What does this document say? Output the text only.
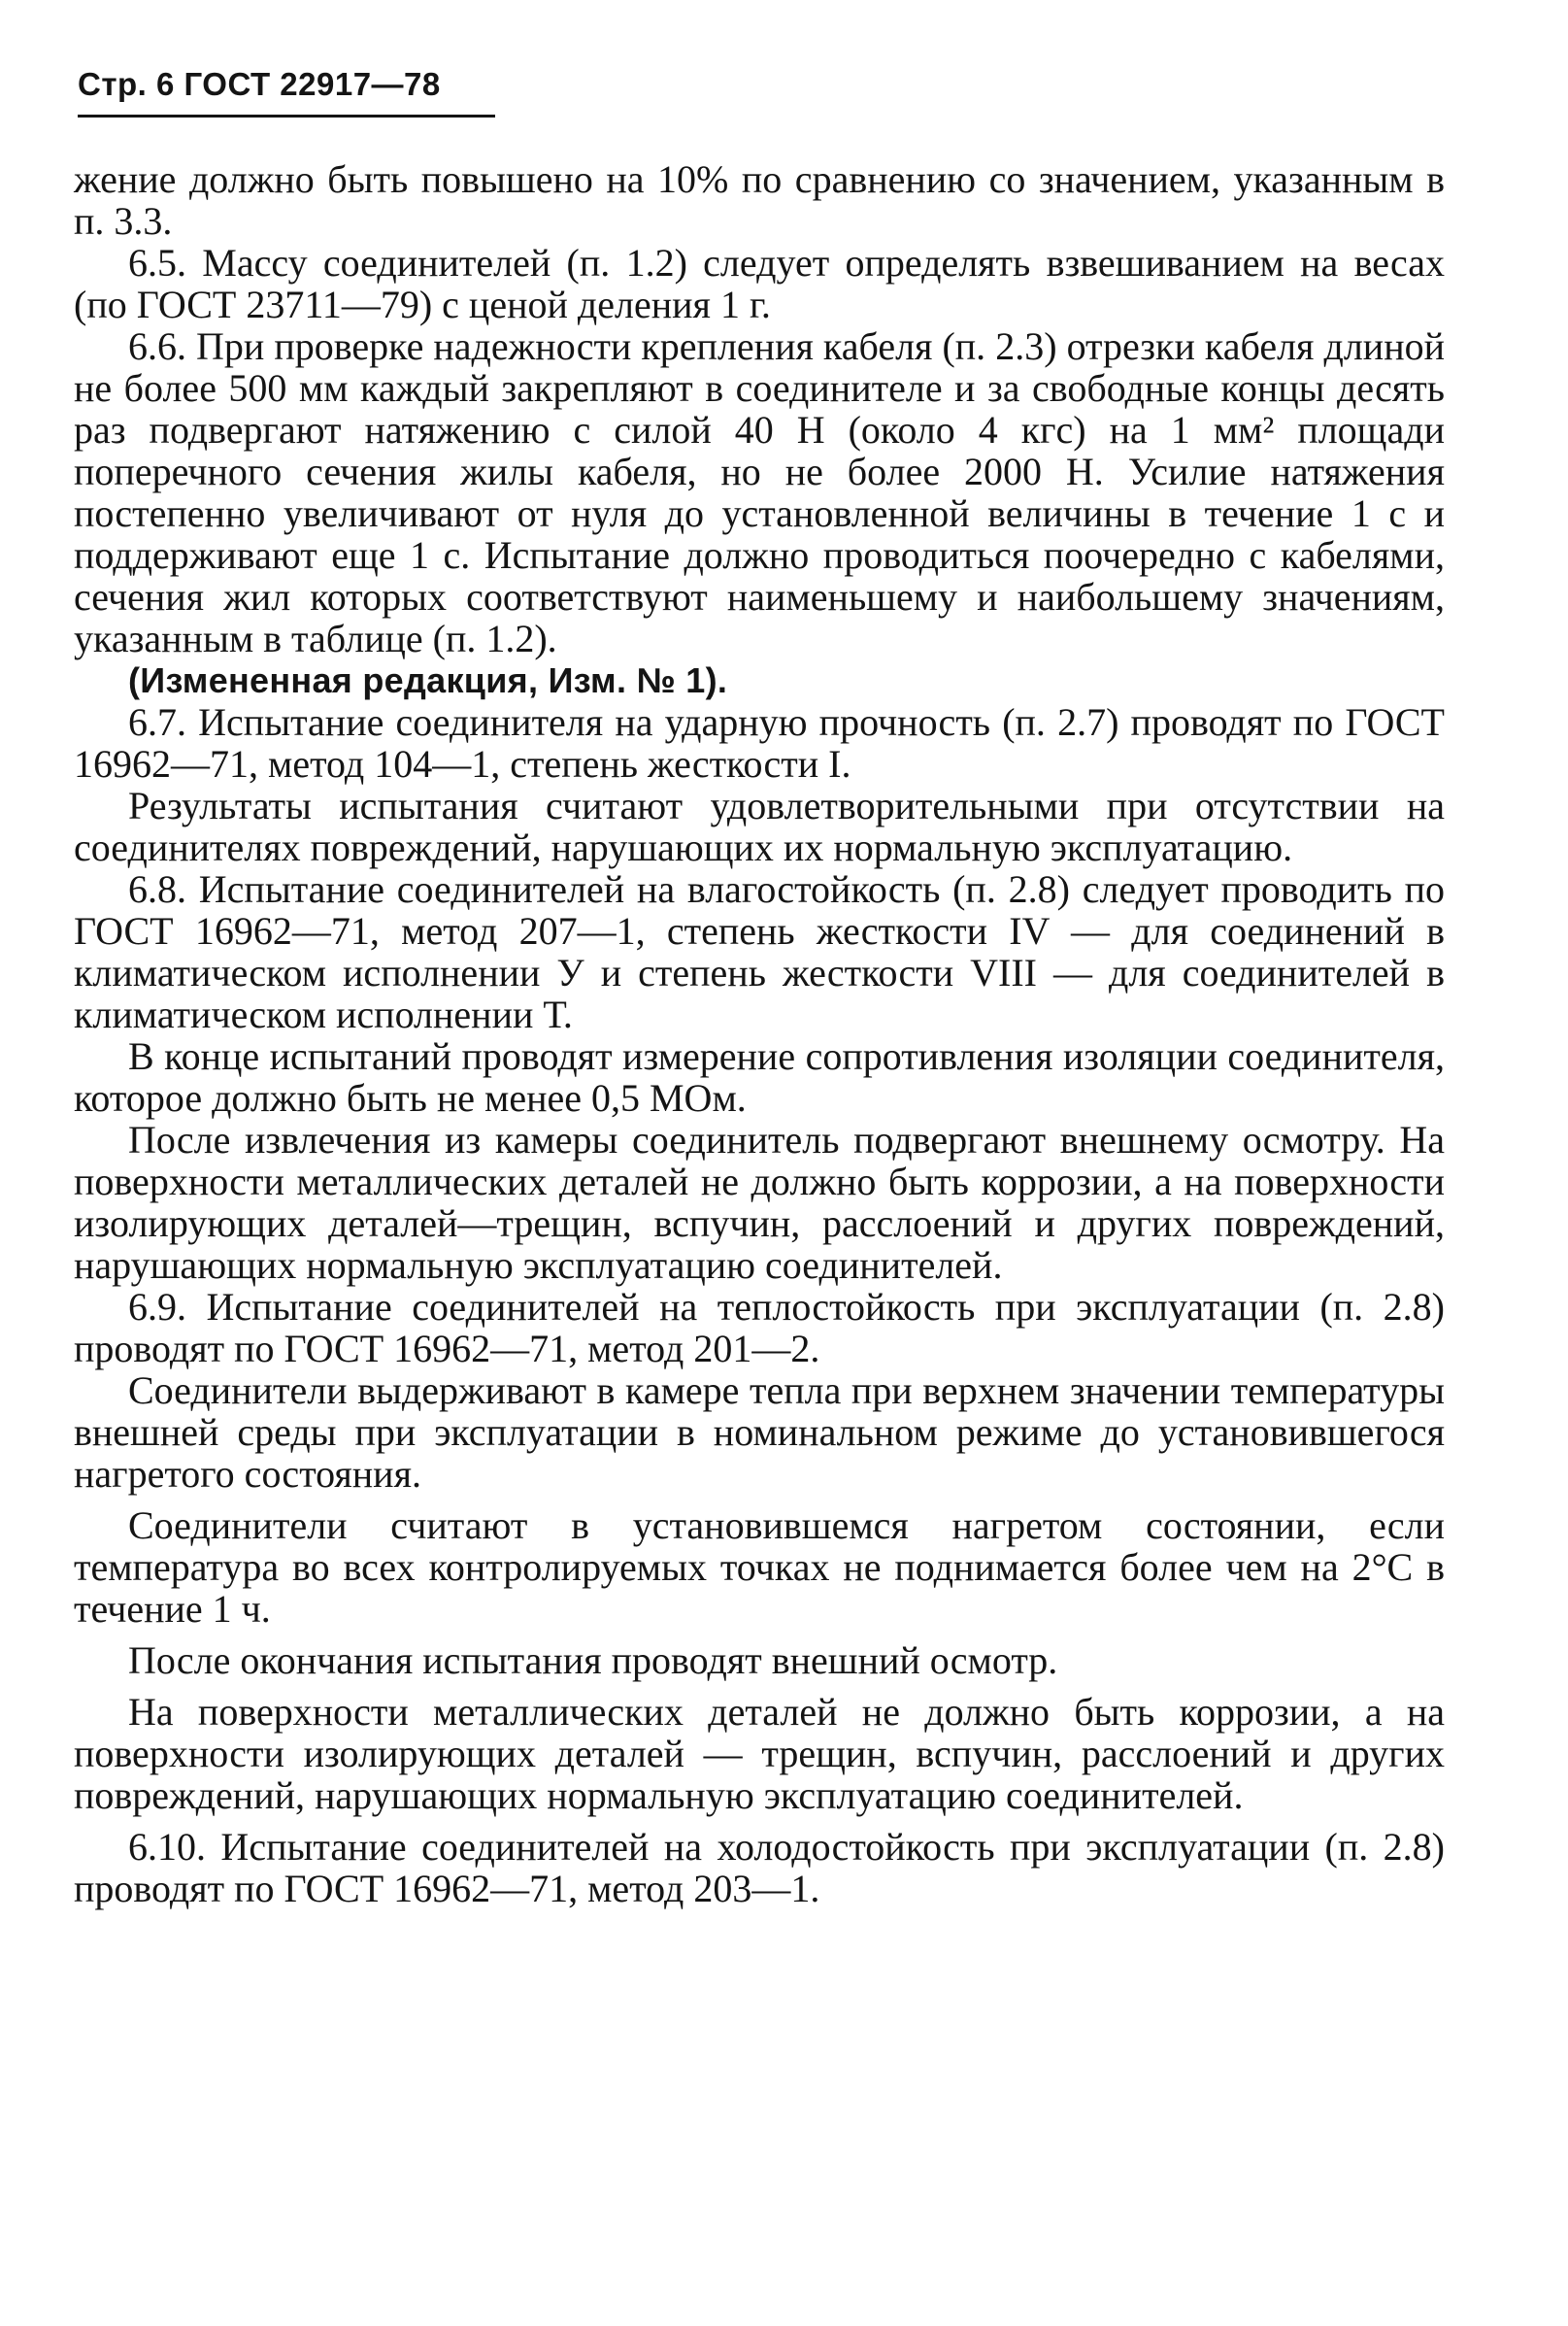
Стр. 6 ГОСТ 22917—78

жение должно быть повышено на 10% по сравнению со значением, указанным в п. 3.3.

6.5. Массу соединителей (п. 1.2) следует определять взвешиванием на весах (по ГОСТ 23711—79) с ценой деления 1 г.

6.6. При проверке надежности крепления кабеля (п. 2.3) отрезки кабеля длиной не более 500 мм каждый закрепляют в соединителе и за свободные концы десять раз подвергают натяжению с силой 40 Н (около 4 кгс) на 1 мм² площади поперечного сечения жилы кабеля, но не более 2000 Н. Усилие натяжения постепенно увеличивают от нуля до установленной величины в течение 1 с и поддерживают еще 1 с. Испытание должно проводиться поочередно с кабелями, сечения жил которых соответствуют наименьшему и наибольшему значениям, указанным в таблице (п. 1.2).

(Измененная редакция, Изм. № 1).

6.7. Испытание соединителя на ударную прочность (п. 2.7) проводят по ГОСТ 16962—71, метод 104—1, степень жесткости I.

Результаты испытания считают удовлетворительными при отсутствии на соединителях повреждений, нарушающих их нормальную эксплуатацию.

6.8. Испытание соединителей на влагостойкость (п. 2.8) следует проводить по ГОСТ 16962—71, метод 207—1, степень жесткости IV — для соединений в климатическом исполнении У и степень жесткости VIII — для соединителей в климатическом исполнении Т.

В конце испытаний проводят измерение сопротивления изоляции соединителя, которое должно быть не менее 0,5 МОм.

После извлечения из камеры соединитель подвергают внешнему осмотру. На поверхности металлических деталей не должно быть коррозии, а на поверхности изолирующих деталей—трещин, вспучин, расслоений и других повреждений, нарушающих нормальную эксплуатацию соединителей.

6.9. Испытание соединителей на теплостойкость при эксплуатации (п. 2.8) проводят по ГОСТ 16962—71, метод 201—2.

Соединители выдерживают в камере тепла при верхнем значении температуры внешней среды при эксплуатации в номинальном режиме до установившегося нагретого состояния.

Соединители считают в установившемся нагретом состоянии, если температура во всех контролируемых точках не поднимается более чем на 2°С в течение 1 ч.

После окончания испытания проводят внешний осмотр.

На поверхности металлических деталей не должно быть коррозии, а на поверхности изолирующих деталей — трещин, вспучин, расслоений и других повреждений, нарушающих нормальную эксплуатацию соединителей.

6.10. Испытание соединителей на холодостойкость при эксплуатации (п. 2.8) проводят по ГОСТ 16962—71, метод 203—1.
